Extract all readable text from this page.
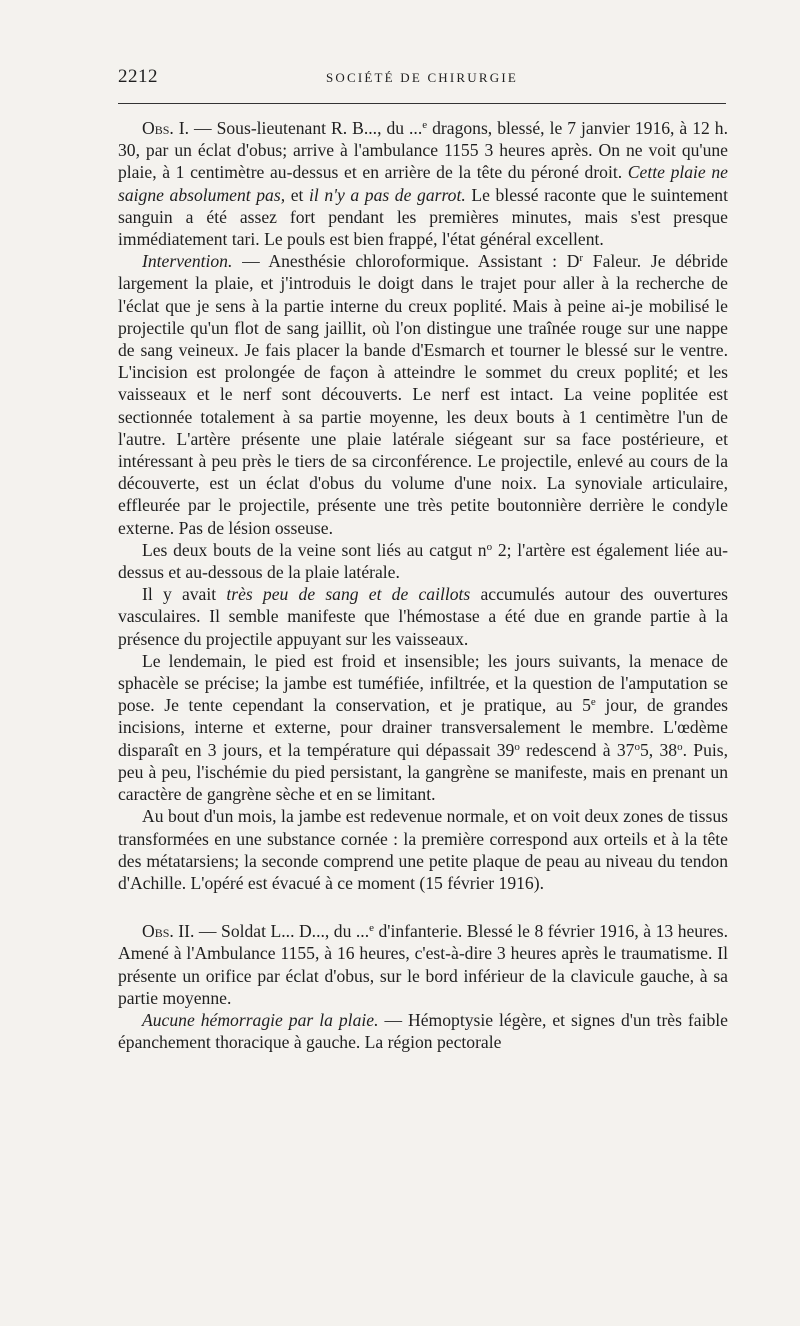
2212	SOCIÉTÉ DE CHIRURGIE

Obs. I. — Sous-lieutenant R. B..., du ...$^e$ dragons, blessé, le 7 janvier 1916, à 12 h. 30, par un éclat d'obus; arrive à l'ambulance 1155 3 heures après. On ne voit qu'une plaie, à 1 centimètre au-dessus et en arrière de la tête du péroné droit. Cette plaie ne saigne absolument pas, et il n'y a pas de garrot. Le blessé raconte que le suintement sanguin a été assez fort pendant les premières minutes, mais s'est presque immédiatement tari. Le pouls est bien frappé, l'état général excellent.

Intervention. — Anesthésie chloroformique. Assistant : $D^r$ Faleur. Je débride largement la plaie, et j'introduis le doigt dans le trajet pour aller à la recherche de l'éclat que je sens à la partie interne du creux poplité. Mais à peine ai-je mobilisé le projectile qu'un flot de sang jaillit, où l'on distingue une traînée rouge sur une nappe de sang veineux. Je fais placer la bande d'Esmarch et tourner le blessé sur le ventre. L'incision est prolongée de façon à atteindre le sommet du creux poplité; et les vaisseaux et le nerf sont découverts. Le nerf est intact. La veine poplitée est sectionnée totalement à sa partie moyenne, les deux bouts à 1 centimètre l'un de l'autre. L'artère présente une plaie latérale siégeant sur sa face postérieure, et intéressant à peu près le tiers de sa circonférence. Le projectile, enlevé au cours de la découverte, est un éclat d'obus du volume d'une noix. La synoviale articulaire, effleurée par le projectile, présente une très petite boutonnière derrière le condyle externe. Pas de lésion osseuse.

Les deux bouts de la veine sont liés au catgut $n^o$ 2; l'artère est également liée au-dessus et au-dessous de la plaie latérale.

Il y avait très peu de sang et de caillots accumulés autour des ouvertures vasculaires. Il semble manifeste que l'hémostase a été due en grande partie à la présence du projectile appuyant sur les vaisseaux.

Le lendemain, le pied est froid et insensible; les jours suivants, la menace de sphacèle se précise; la jambe est tuméfiée, infiltrée, et la question de l'amputation se pose. Je tente cependant la conservation, et je pratique, au 5e jour, de grandes incisions, interne et externe, pour drainer transversalement le membre. L'œdème disparaît en 3 jours, et la température qui dépassait 39$^o$ redescend à 37$^o$5, 38$^o$. Puis, peu à peu, l'ischémie du pied persistant, la gangrène se manifeste, mais en prenant un caractère de gangrène sèche et en se limitant.

Au bout d'un mois, la jambe est redevenue normale, et on voit deux zones de tissus transformées en une substance cornée : la première correspond aux orteils et à la tête des métatarsiens; la seconde comprend une petite plaque de peau au niveau du tendon d'Achille. L'opéré est évacué à ce moment (15 février 1916).

Obs. II. — Soldat L... D..., du ...$^e$ d'infanterie. Blessé le 8 février 1916, à 13 heures. Amené à l'Ambulance 1155, à 16 heures, c'est-à-dire 3 heures après le traumatisme. Il présente un orifice par éclat d'obus, sur le bord inférieur de la clavicule gauche, à sa partie moyenne.

Aucune hémorragie par la plaie. — Hémoptysie légère, et signes d'un très faible épanchement thoracique à gauche. La région pectorale
